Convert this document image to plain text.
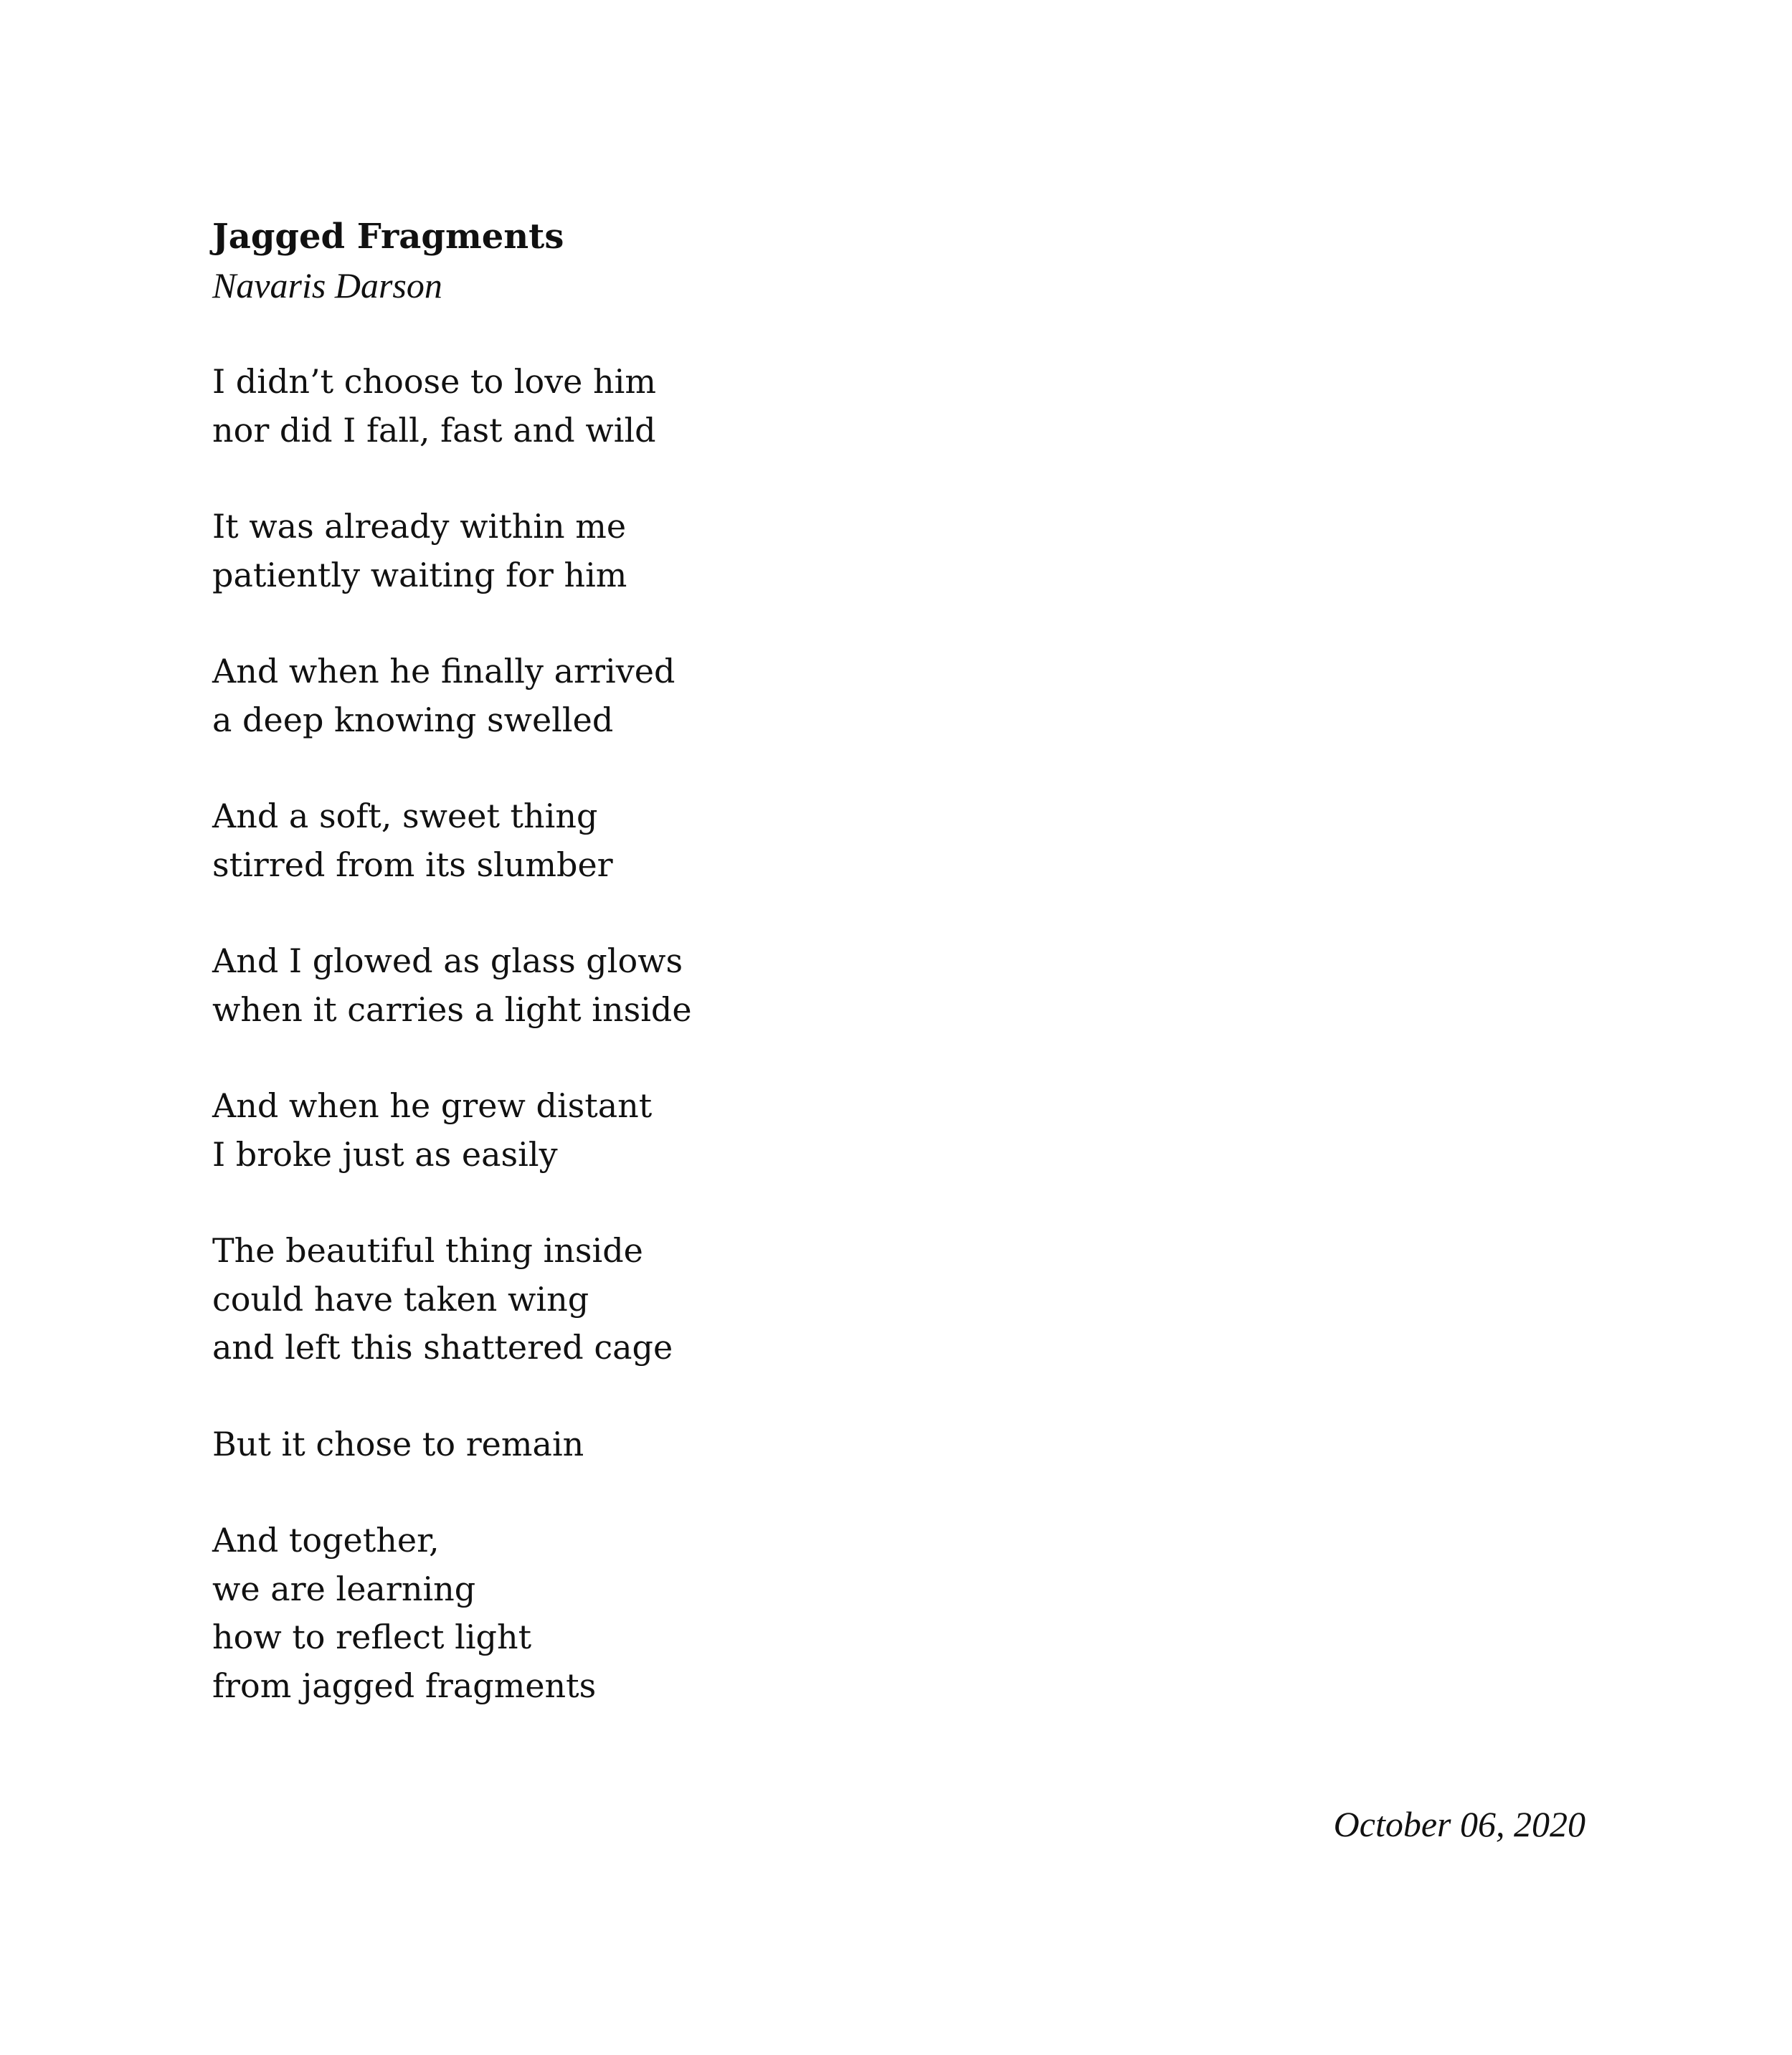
Jagged Fragments

Navaris Darson

I didn’t choose to love him
nor did I fall, fast and wild
It was already within me
patiently waiting for him
And when he finally arrived
a deep knowing swelled
And a soft, sweet thing
stirred from its slumber
And I glowed as glass glows
when it carries a light inside
And when he grew distant
I broke just as easily
The beautiful thing inside
could have taken wing
and left this shattered cage
But it chose to remain
And together,
we are learning
how to reflect light
from jagged fragments
October 06, 2020
